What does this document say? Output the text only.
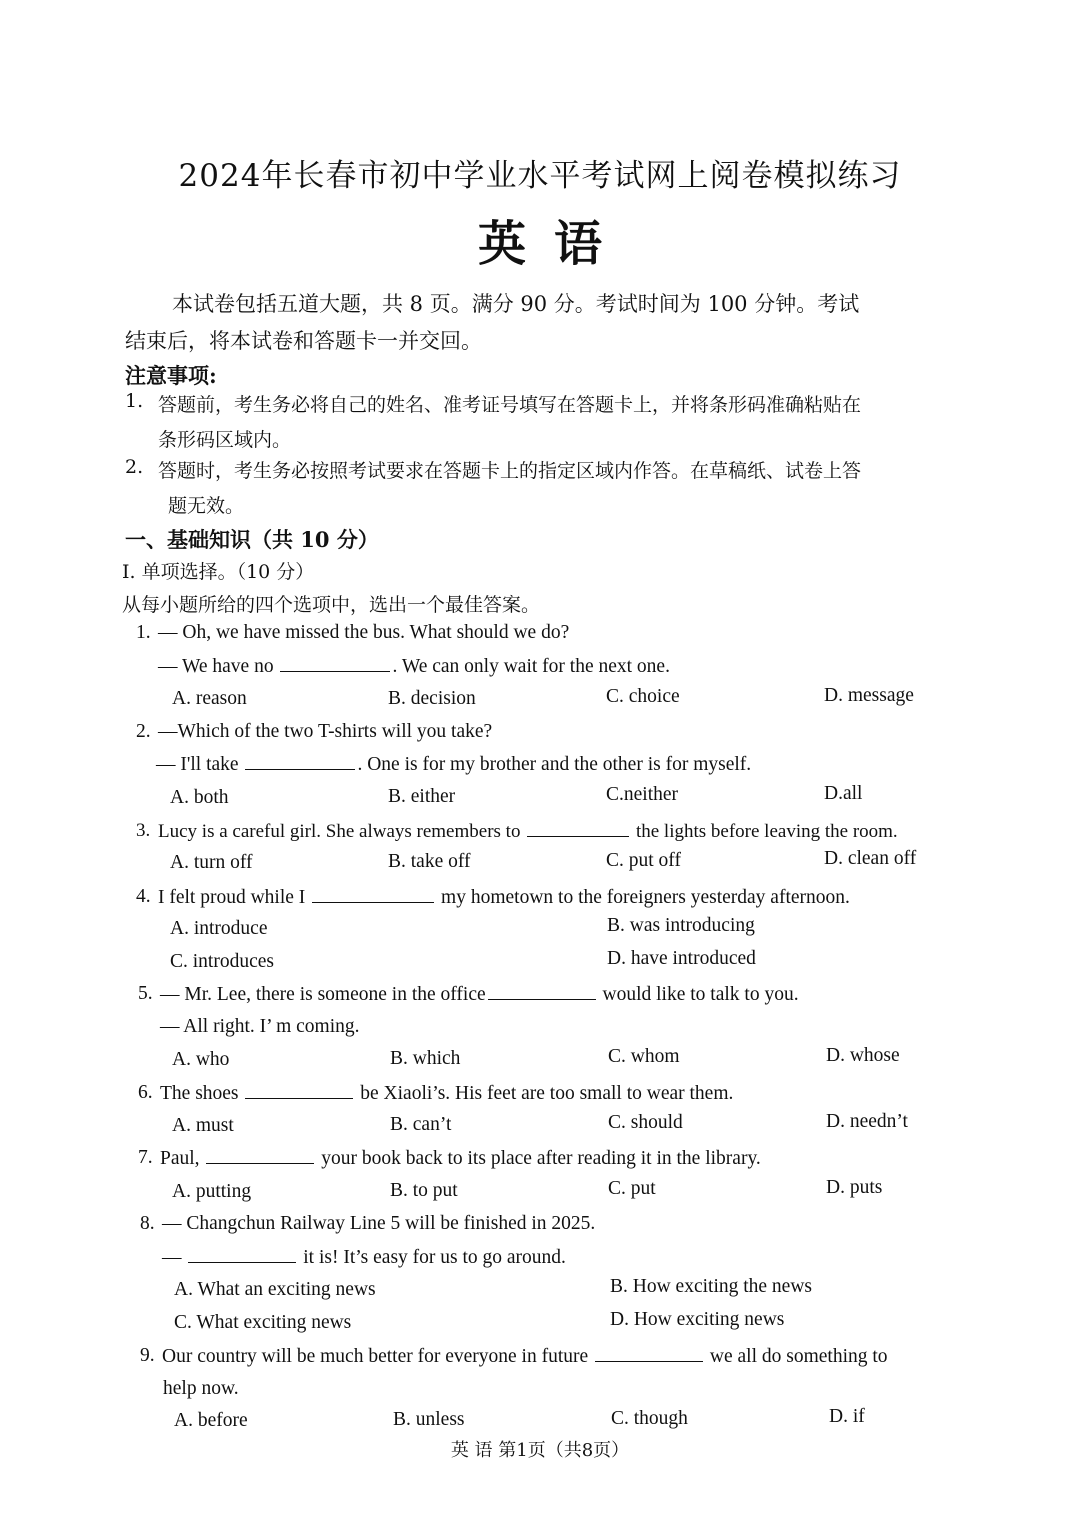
2024年长春市初中学业水平考试网上阅卷模拟练习
英语
本试卷包括五道大题，共 8 页。满分 90 分。考试时间为 100 分钟。考试
结束后，将本试卷和答题卡一并交回。
注意事项:
1. 答题前，考生务必将自己的姓名、准考证号填写在答题卡上，并将条形码准确粘贴在
条形码区域内。
2. 答题时，考生务必按照考试要求在答题卡上的指定区域内作答。在草稿纸、试卷上答
题无效。
一、基础知识（共 10 分）
I. 单项选择。（10 分）
从每小题所给的四个选项中，选出一个最佳答案。
1. — Oh, we have missed the bus. What should we do?
— We have no	. We can only wait for the next one.
A. reason	B. decision	C. choice	D. message
2. —Which of the two T-shirts will you take?
— I'll take	. One is for my brother and the other is for myself.
A. both	B. either	C.neither	D.all
3. Lucy is a careful girl. She always remembers to	the lights before leaving the room.
A. turn off	B. take off	C. put off	D. clean off
4. I felt proud while I	my hometown to the foreigners yesterday afternoon.
A. introduce	B. was introducing
C. introduces	D. have introduced
5. — Mr. Lee, there is someone in the office	would like to talk to you.
— All right. I’ m coming.
A. who	B. which	C. whom	D. whose
6. The shoes	be Xiaoli’s. His feet are too small to wear them.
A. must	B. can’t	C. should	D. needn’t
7. Paul,	your book back to its place after reading it in the library.
A. putting	B. to put	C. put	D. puts
8. — Changchun Railway Line 5 will be finished in 2025.
—	it is! It’s easy for us to go around.
A. What an exciting news	B. How exciting the news
C. What exciting news	D. How exciting news
9. Our country will be much better for everyone in future	we all do something to
help now.
A. before	B. unless	C. though	D. if
英 语 第1页（共8页）
